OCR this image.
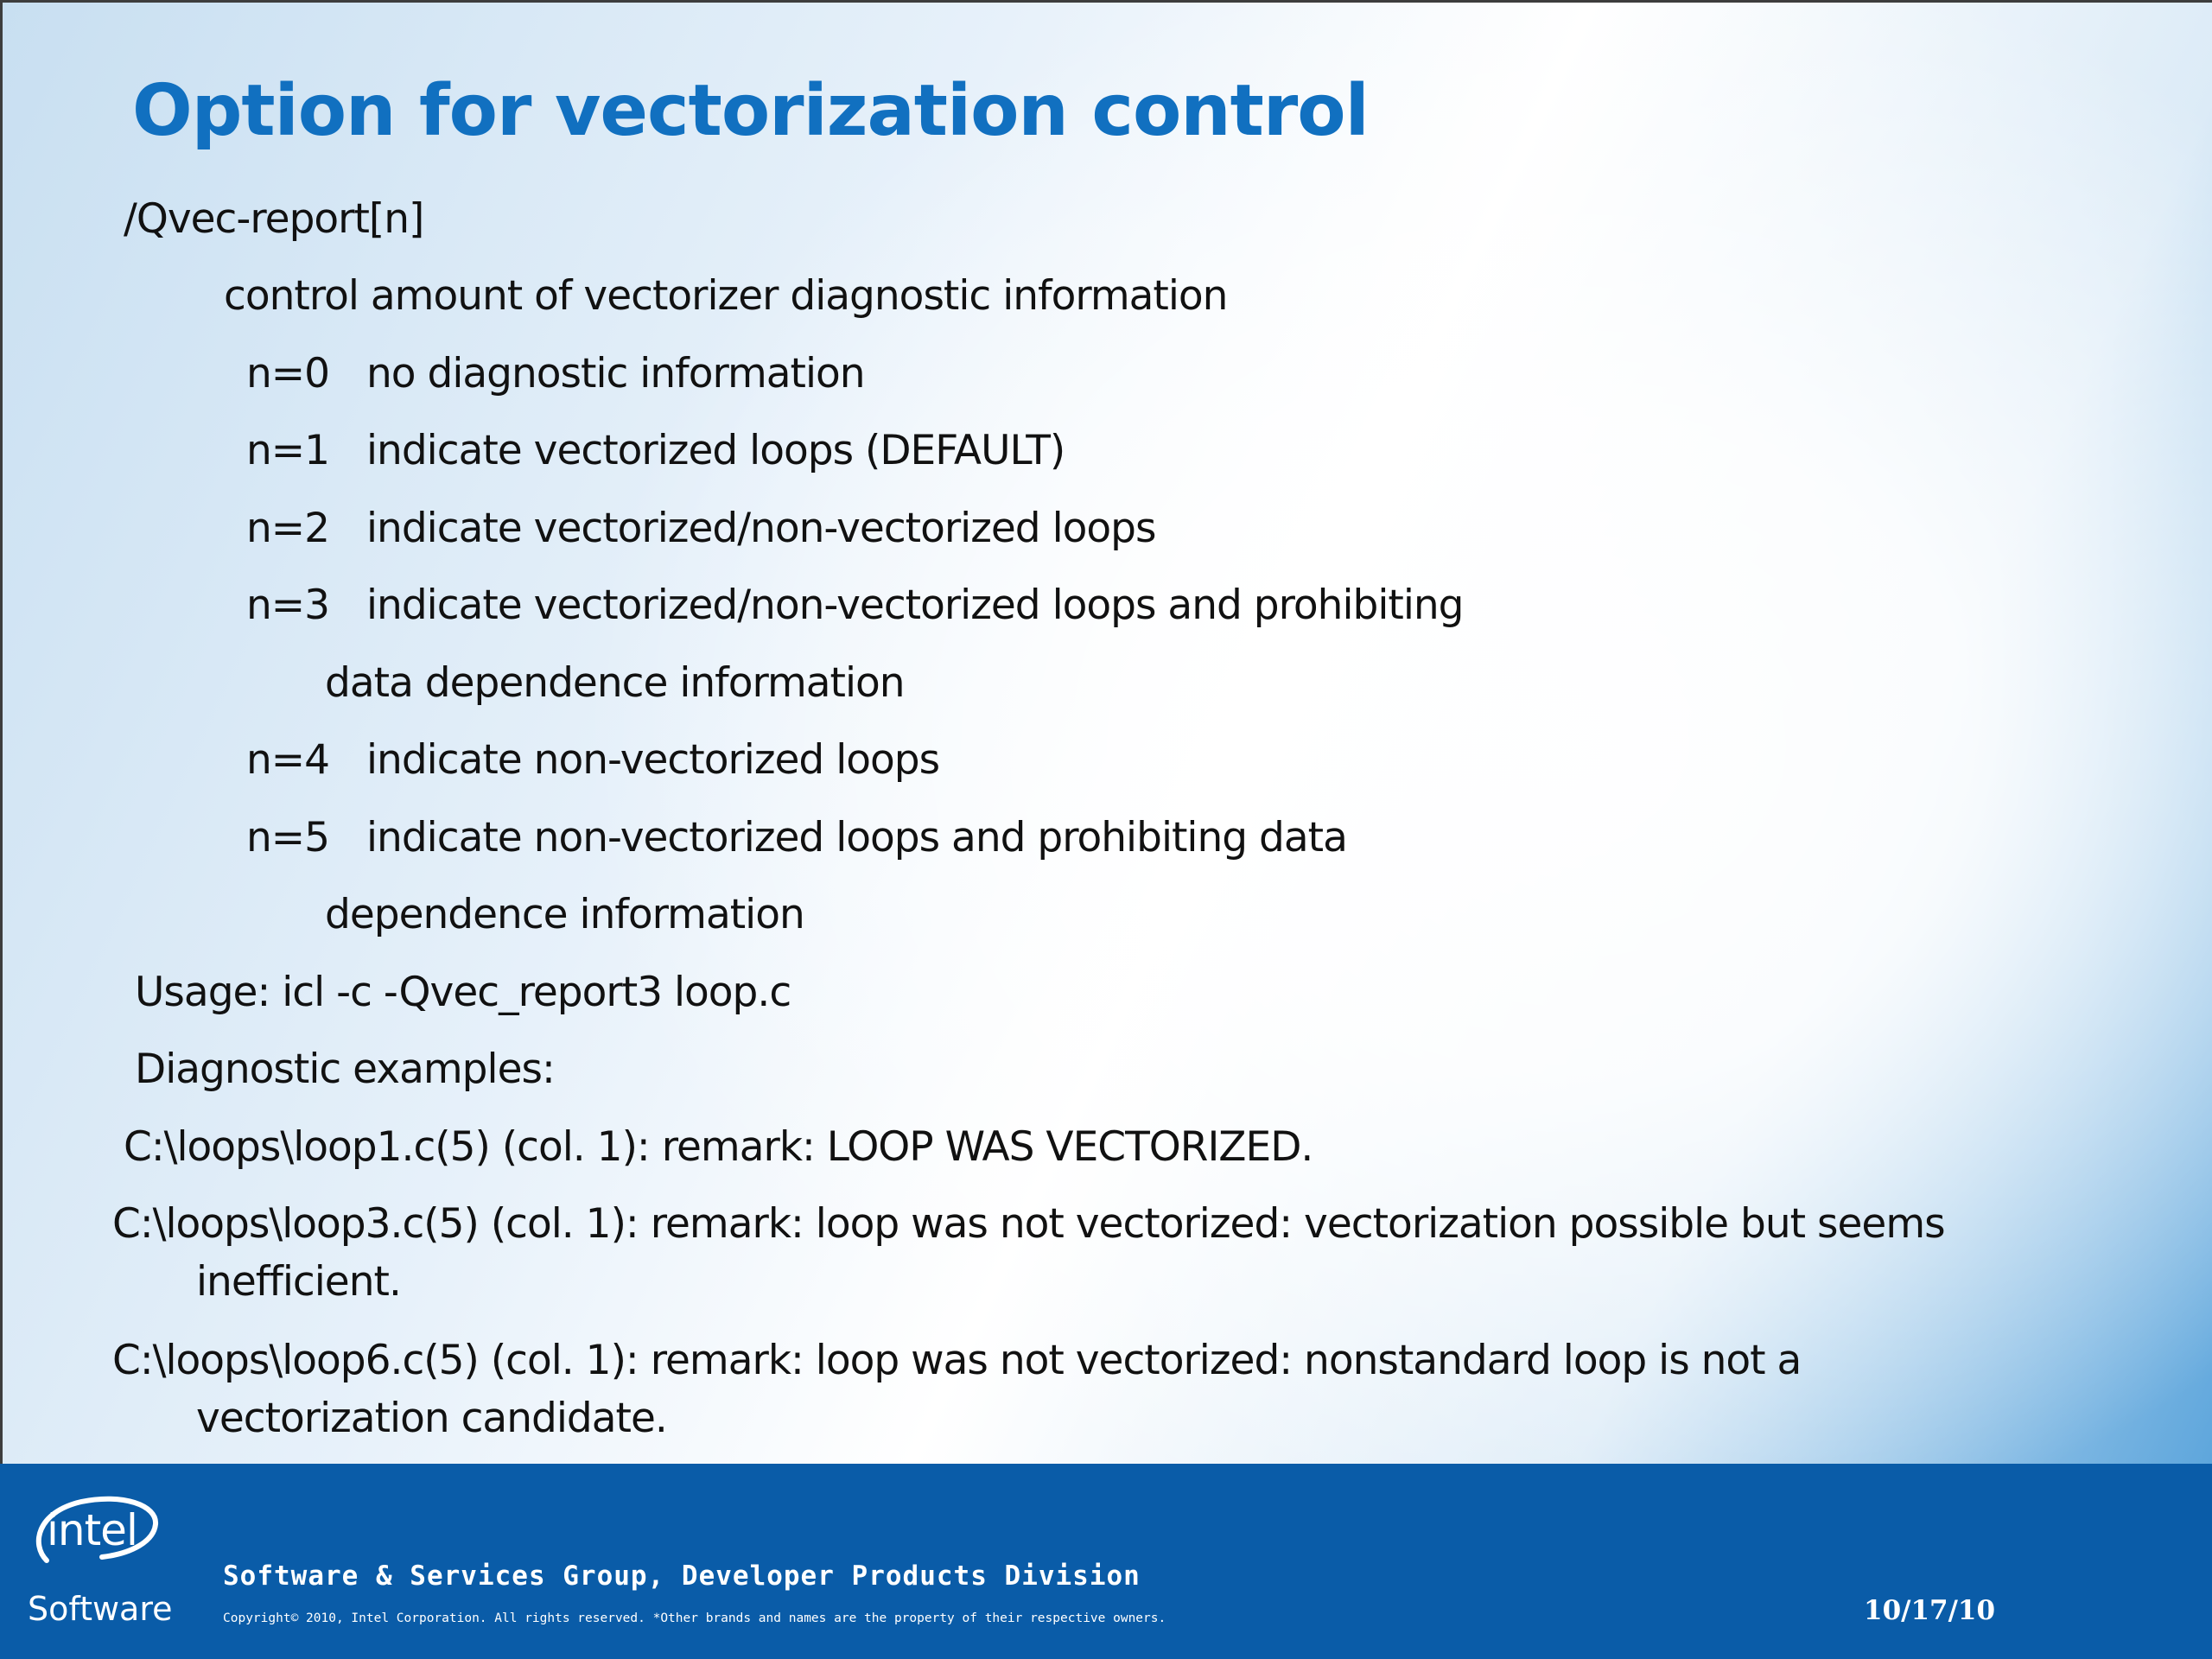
Option for vectorization control
/Qvec-report[n]
control amount of vectorizer diagnostic information
n=0 no diagnostic information
n=1 indicate vectorized loops (DEFAULT)
n=2 indicate vectorized/non-vectorized loops
n=3 indicate vectorized/non-vectorized loops and prohibiting
data dependence information
n=4 indicate non-vectorized loops
n=5 indicate non-vectorized loops and prohibiting data
dependence information
Usage: icl -c -Qvec_report3 loop.c
Diagnostic examples:
C:\loops\loop1.c(5) (col. 1): remark: LOOP WAS VECTORIZED.
C:\loops\loop3.c(5) (col. 1): remark: loop was not vectorized: vectorization possible but seems
inefficient.
C:\loops\loop6.c(5) (col. 1): remark: loop was not vectorized: nonstandard loop is not a
vectorization candidate.
intel
Software
Software & Services Group, Developer Products Division
Copyright© 2010, Intel Corporation. All rights reserved. *Other brands and names are the property of their respective owners.	10/17/10
